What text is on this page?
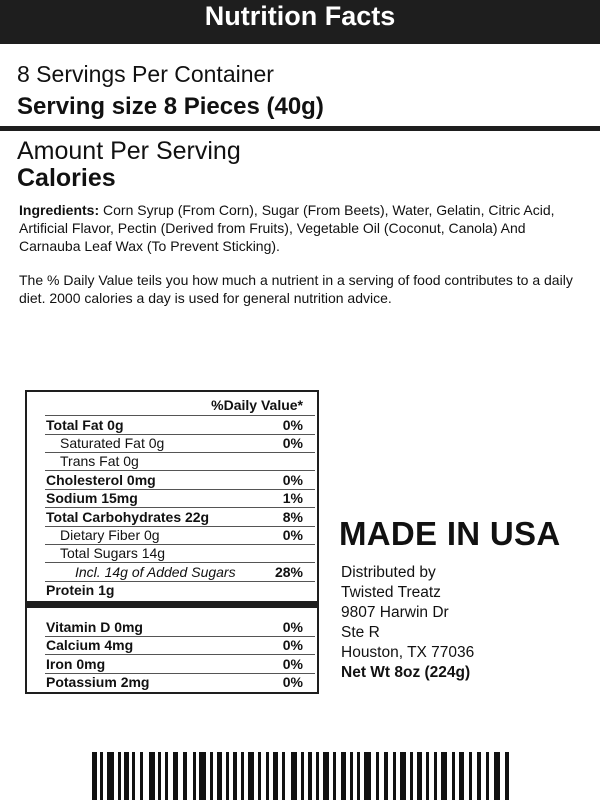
Nutrition Facts
8 Servings Per Container
Serving size 8 Pieces (40g)
Amount Per Serving
Calories
Ingredients: Corn Syrup (From Corn), Sugar (From Beets), Water, Gelatin, Citric Acid, Artificial Flavor, Pectin (Derived from Fruits), Vegetable Oil (Coconut, Canola) And Carnauba Leaf Wax (To Prevent Sticking).
The % Daily Value teils you how much a nutrient in a serving of food contributes to a daily diet. 2000 calories a day is used for general nutrition advice.
%Daily Value*
Total Fat 0g	0%
Saturated Fat 0g	0%
Trans Fat 0g
Cholesterol 0mg	0%
Sodium 15mg	1%
Total Carbohydrates 22g	8%
Dietary Fiber 0g	0%
Total Sugars 14g
Incl. 14g of Added Sugars	28%
Protein 1g
Vitamin D 0mg	0%
Calcium 4mg	0%
Iron 0mg	0%
Potassium 2mg	0%
MADE IN USA
Distributed by
Twisted Treatz
9807 Harwin Dr
Ste R
Houston, TX 77036
Net Wt 8oz (224g)
